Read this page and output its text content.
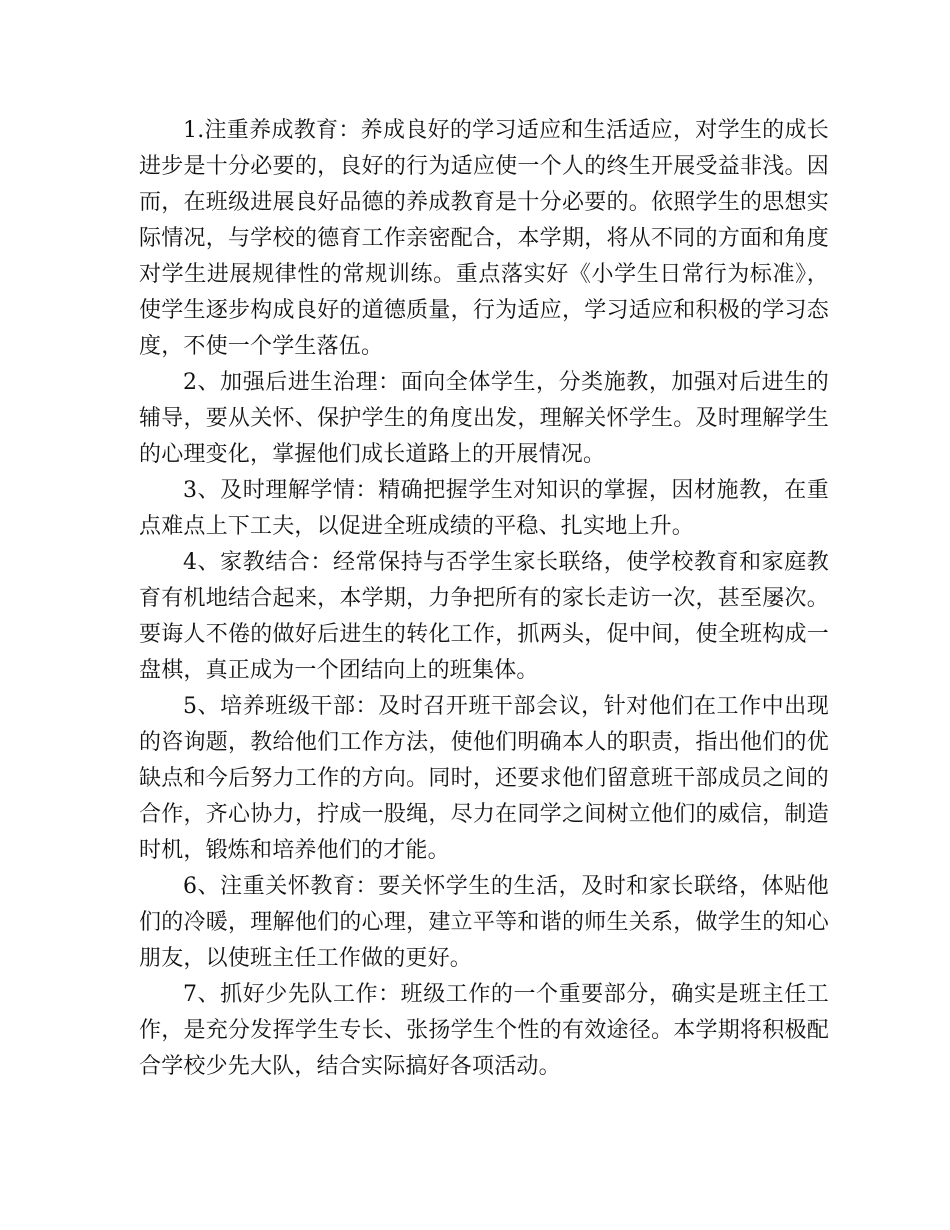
1.注重养成教育：养成良好的学习适应和生活适应，对学生的成长进步是十分必要的，良好的行为适应使一个人的终生开展受益非浅。因而，在班级进展良好品德的养成教育是十分必要的。依照学生的思想实际情况，与学校的德育工作亲密配合，本学期，将从不同的方面和角度对学生进展规律性的常规训练。重点落实好《小学生日常行为标准》，使学生逐步构成良好的道德质量，行为适应，学习适应和积极的学习态度，不使一个学生落伍。

2、加强后进生治理：面向全体学生，分类施教，加强对后进生的辅导，要从关怀、保护学生的角度出发，理解关怀学生。及时理解学生的心理变化，掌握他们成长道路上的开展情况。

3、及时理解学情：精确把握学生对知识的掌握，因材施教，在重点难点上下工夫，以促进全班成绩的平稳、扎实地上升。

4、家教结合：经常保持与否学生家长联络，使学校教育和家庭教育有机地结合起来，本学期，力争把所有的家长走访一次，甚至屡次。要诲人不倦的做好后进生的转化工作，抓两头，促中间，使全班构成一盘棋，真正成为一个团结向上的班集体。

5、培养班级干部：及时召开班干部会议，针对他们在工作中出现的咨询题，教给他们工作方法，使他们明确本人的职责，指出他们的优缺点和今后努力工作的方向。同时，还要求他们留意班干部成员之间的合作，齐心协力，拧成一股绳，尽力在同学之间树立他们的威信，制造时机，锻炼和培养他们的才能。

6、注重关怀教育：要关怀学生的生活，及时和家长联络，体贴他们的冷暖，理解他们的心理，建立平等和谐的师生关系，做学生的知心朋友，以使班主任工作做的更好。

7、抓好少先队工作：班级工作的一个重要部分，确实是班主任工作，是充分发挥学生专长、张扬学生个性的有效途径。本学期将积极配合学校少先大队，结合实际搞好各项活动。
